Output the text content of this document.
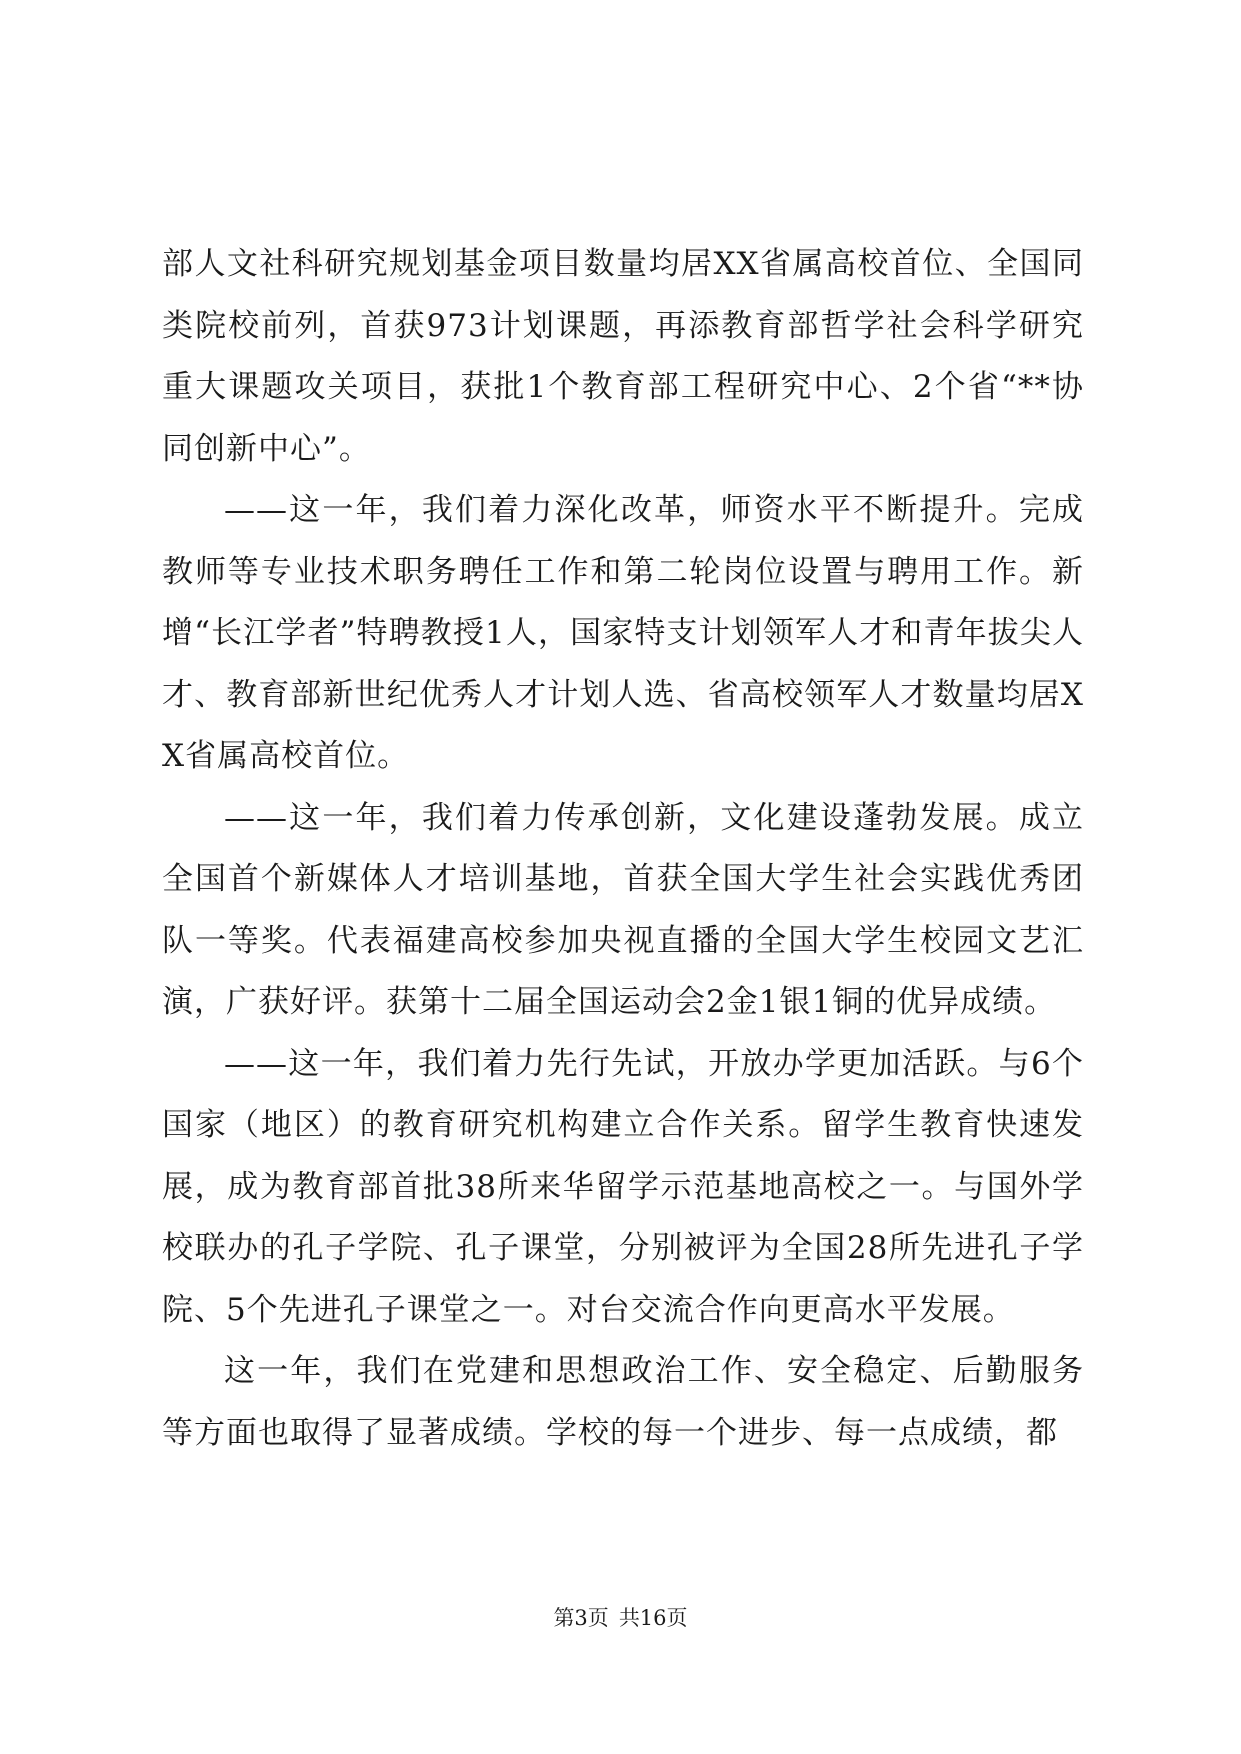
部人文社科研究规划基金项目数量均居XX省属高校首位、全国同类院校前列，首获973计划课题，再添教育部哲学社会科学研究重大课题攻关项目，获批1个教育部工程研究中心、2个省“**协同创新中心”。

——这一年，我们着力深化改革，师资水平不断提升。完成教师等专业技术职务聘任工作和第二轮岗位设置与聘用工作。新增“长江学者”特聘教授1人，国家特支计划领军人才和青年拔尖人才、教育部新世纪优秀人才计划人选、省高校领军人才数量均居XX省属高校首位。

——这一年，我们着力传承创新，文化建设蓬勃发展。成立全国首个新媒体人才培训基地，首获全国大学生社会实践优秀团队一等奖。代表福建高校参加央视直播的全国大学生校园文艺汇演，广获好评。获第十二届全国运动会2金1银1铜的优异成绩。

——这一年，我们着力先行先试，开放办学更加活跃。与6个国家（地区）的教育研究机构建立合作关系。留学生教育快速发展，成为教育部首批38所来华留学示范基地高校之一。与国外学校联办的孔子学院、孔子课堂，分别被评为全国28所先进孔子学院、5个先进孔子课堂之一。对台交流合作向更高水平发展。

这一年，我们在党建和思想政治工作、安全稳定、后勤服务等方面也取得了显著成绩。学校的每一个进步、每一点成绩，都

第3页 共16页
